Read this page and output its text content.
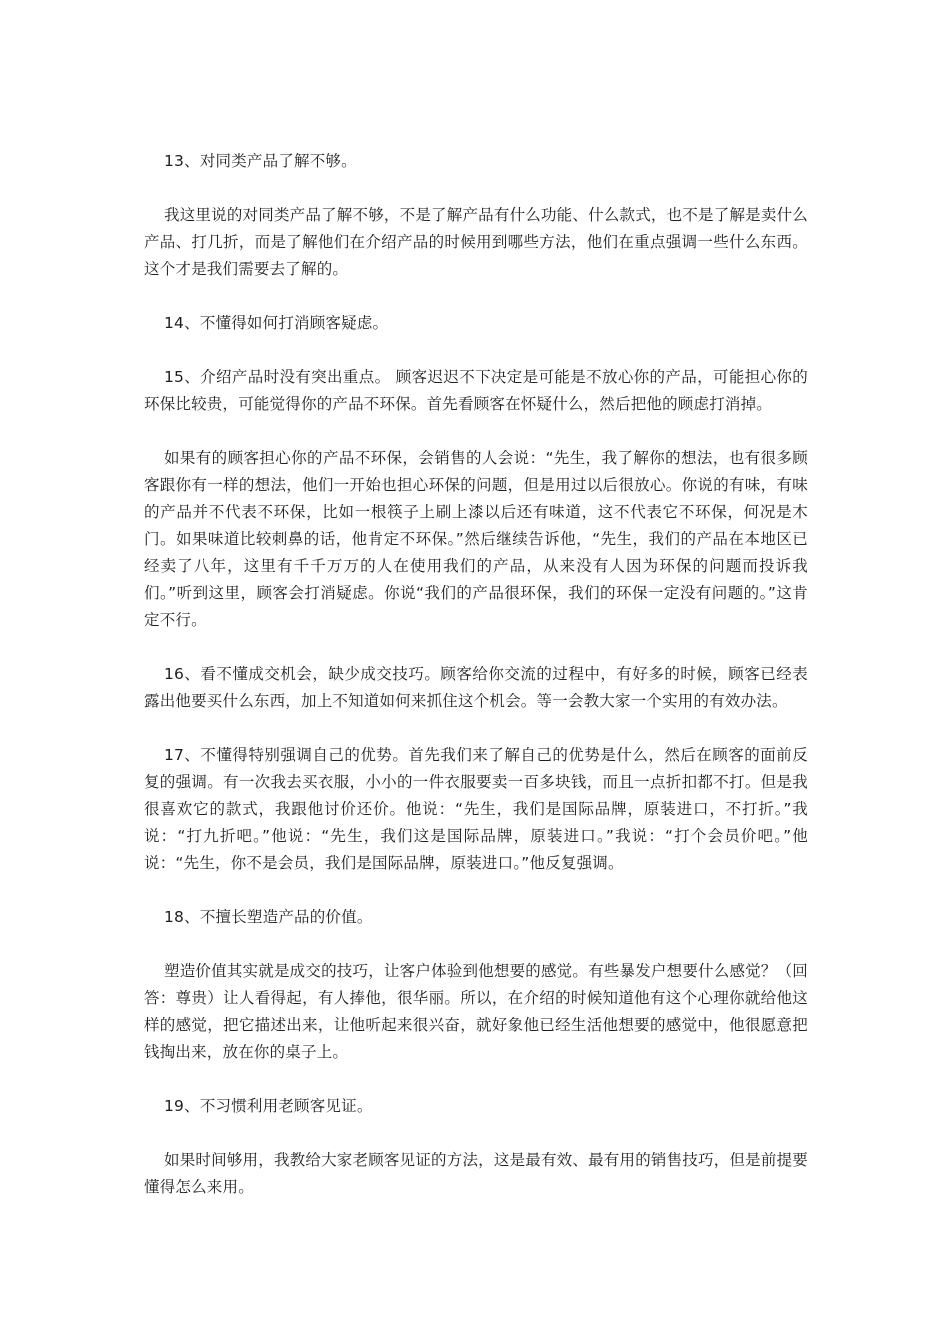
13、对同类产品了解不够。

我这里说的对同类产品了解不够，不是了解产品有什么功能、什么款式，也不是了解是卖什么产品、打几折，而是了解他们在介绍产品的时候用到哪些方法，他们在重点强调一些什么东西。这个才是我们需要去了解的。

14、不懂得如何打消顾客疑虑。

15、介绍产品时没有突出重点。 顾客迟迟不下决定是可能是不放心你的产品，可能担心你的环保比较贵，可能觉得你的产品不环保。首先看顾客在怀疑什么，然后把他的顾虑打消掉。

如果有的顾客担心你的产品不环保，会销售的人会说：“先生，我了解你的想法，也有很多顾客跟你有一样的想法，他们一开始也担心环保的问题，但是用过以后很放心。你说的有味，有味的产品并不代表不环保，比如一根筷子上刷上漆以后还有味道，这不代表它不环保，何况是木门。如果味道比较刺鼻的话，他肯定不环保。”然后继续告诉他，“先生，我们的产品在本地区已经卖了八年，这里有千千万万的人在使用我们的产品，从来没有人因为环保的问题而投诉我们。”听到这里，顾客会打消疑虑。你说“我们的产品很环保，我们的环保一定没有问题的。”这肯定不行。

16、看不懂成交机会，缺少成交技巧。顾客给你交流的过程中，有好多的时候，顾客已经表露出他要买什么东西，加上不知道如何来抓住这个机会。等一会教大家一个实用的有效办法。

17、不懂得特别强调自己的优势。首先我们来了解自己的优势是什么，然后在顾客的面前反复的强调。有一次我去买衣服，小小的一件衣服要卖一百多块钱，而且一点折扣都不打。但是我很喜欢它的款式，我跟他讨价还价。他说：“先生，我们是国际品牌，原装进口，不打折。”我说：“打九折吧。”他说：“先生，我们这是国际品牌，原装进口。”我说：“打个会员价吧。”他说：“先生，你不是会员，我们是国际品牌，原装进口。”他反复强调。

18、不擅长塑造产品的价值。

塑造价值其实就是成交的技巧，让客户体验到他想要的感觉。有些暴发户想要什么感觉？（回答：尊贵）让人看得起，有人捧他，很华丽。所以，在介绍的时候知道他有这个心理你就给他这样的感觉，把它描述出来，让他听起来很兴奋，就好象他已经生活他想要的感觉中，他很愿意把钱掏出来，放在你的桌子上。

19、不习惯利用老顾客见证。

如果时间够用，我教给大家老顾客见证的方法，这是最有效、最有用的销售技巧，但是前提要懂得怎么来用。
